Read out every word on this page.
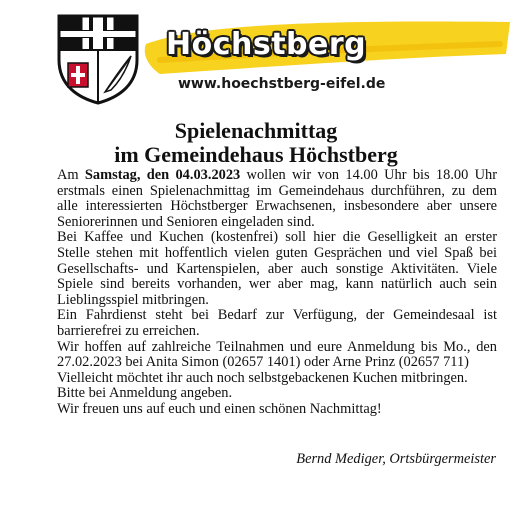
Höchstberg
www.hoechstberg-eifel.de
Spielenachmittag
im Gemeindehaus Höchstberg

Am Samstag, den 04.03.2023 wollen wir von 14.00 Uhr bis 18.00 Uhr erstmals einen Spielenachmittag im Gemeindehaus durchführen, zu dem alle interessierten Höchstberger Erwachsenen, insbesondere aber unsere Seniorerinnen und Senioren eingeladen sind.

Bei Kaffee und Kuchen (kostenfrei) soll hier die Geselligkeit an erster Stelle stehen mit hoffentlich vielen guten Gesprächen und viel Spaß bei Gesellschafts- und Kartenspielen, aber auch sonstige Aktivitäten. Viele Spiele sind bereits vorhanden, wer aber mag, kann natürlich auch sein Lieblingsspiel mitbringen.

Ein Fahrdienst steht bei Bedarf zur Verfügung, der Gemeindesaal ist barrierefrei zu erreichen.

Wir hoffen auf zahlreiche Teilnahmen und eure Anmeldung bis Mo., den 27.02.2023 bei Anita Simon (02657 1401) oder Arne Prinz (02657 711)

Vielleicht möchtet ihr auch noch selbstgebackenen Kuchen mitbringen.

Bitte bei Anmeldung angeben.

Wir freuen uns auf euch und einen schönen Nachmittag!

Bernd Mediger, Ortsbürgermeister
